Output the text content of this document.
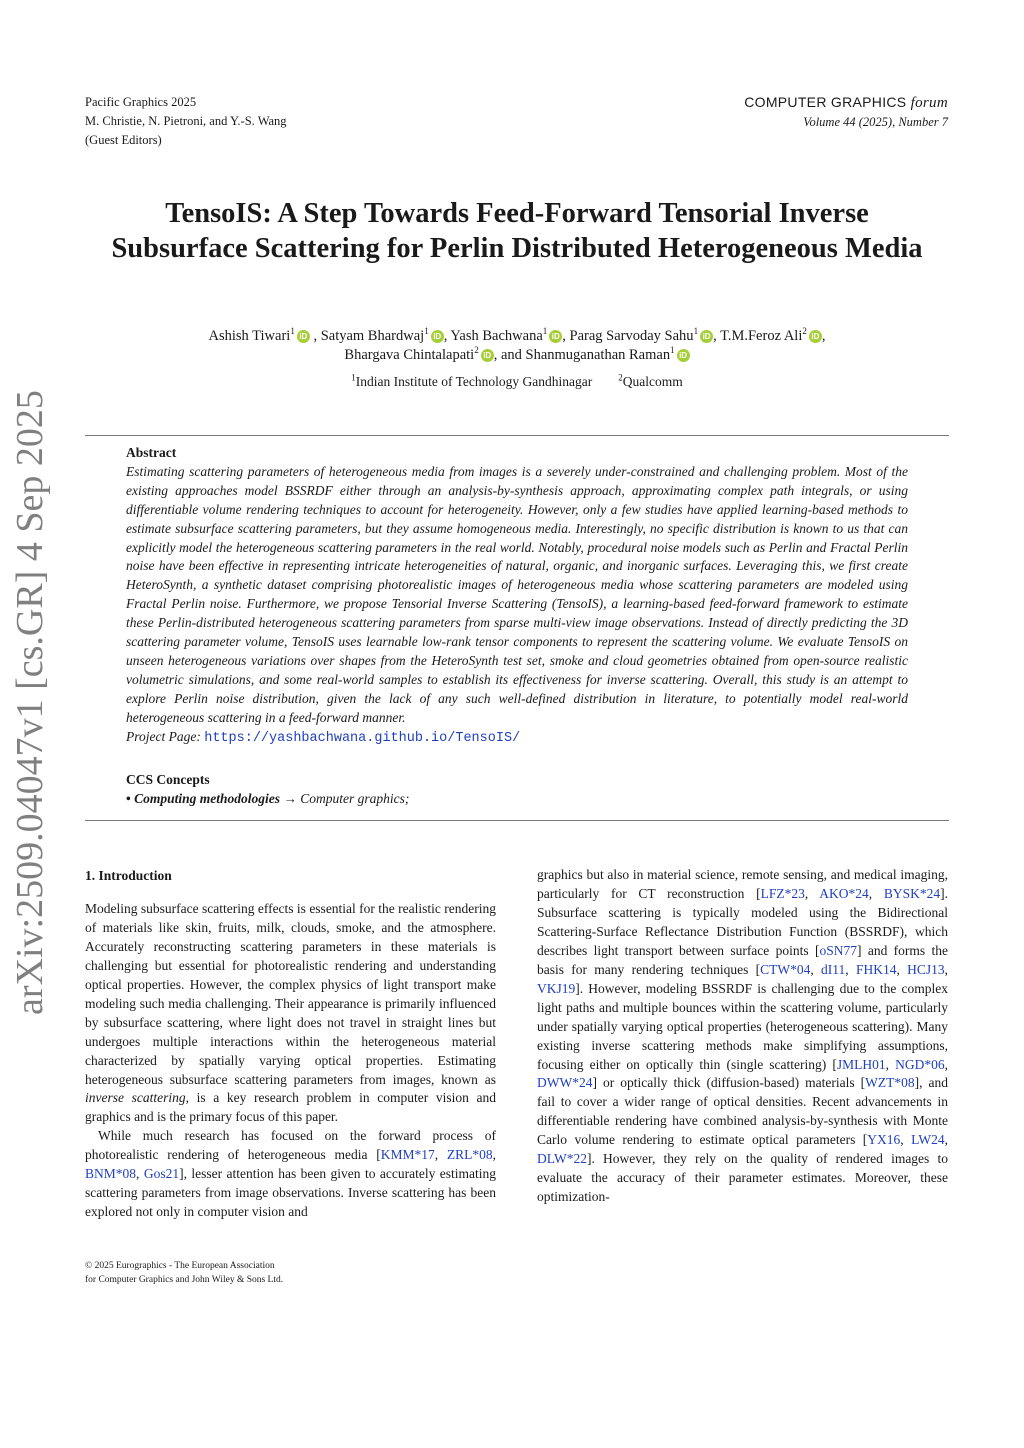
Pacific Graphics 2025
M. Christie, N. Pietroni, and Y.-S. Wang
(Guest Editors)
COMPUTER GRAPHICS forum
Volume 44 (2025), Number 7
TensoIS: A Step Towards Feed-Forward Tensorial Inverse
Subsurface Scattering for Perlin Distributed Heterogeneous Media
Ashish Tiwari$^1$iD , Satyam Bhardwaj$^1$iD , Yash Bachwana$^1$iD , Parag Sarvoday Sahu$^1$iD , T.M.Feroz Ali$^2$iD ,
Bhargava Chintalapati$^2$iD , and Shanmuganathan Raman$^1$iD
$^1$Indian Institute of Technology Gandhinagar	$^2$Qualcomm
arXiv:2509.04047v1 [cs.GR] 4 Sep 2025	Abstract

Estimating scattering parameters of heterogeneous media from images is a severely under-constrained and challenging problem. Most of the existing approaches model BSSRDF either through an analysis-by-synthesis approach, approximating complex path integrals, or using differentiable volume rendering techniques to account for heterogeneity. However, only a few studies have applied learning-based methods to estimate subsurface scattering parameters, but they assume homogeneous media. Interestingly, no specific distribution is known to us that can explicitly model the heterogeneous scattering parameters in the real world. Notably, procedural noise models such as Perlin and Fractal Perlin noise have been effective in representing intricate heterogeneities of natural, organic, and inorganic surfaces. Leveraging this, we first create HeteroSynth, a synthetic dataset comprising photorealistic images of heterogeneous media whose scattering parameters are modeled using Fractal Perlin noise. Furthermore, we propose Tensorial Inverse Scattering (TensoIS), a learning-based feed-forward framework to estimate these Perlin-distributed heterogeneous scattering parameters from sparse multi-view image observations. Instead of directly predicting the 3D scattering parameter volume, TensoIS uses learnable low-rank tensor components to represent the scattering volume. We evaluate TensoIS on unseen heterogeneous variations over shapes from the HeteroSynth test set, smoke and cloud geometries obtained from open-source realistic volumetric simulations, and some real-world samples to establish its effectiveness for inverse scattering. Overall, this study is an attempt to explore Perlin noise distribution, given the lack of any such well-defined distribution in literature, to potentially model real-world heterogeneous scattering in a feed-forward manner.

Project Page: https://yashbachwana.github.io/TensoIS/
CCS Concepts
• Computing methodologies → Computer graphics;
1. Introduction

Modeling subsurface scattering effects is essential for the realistic rendering of materials like skin, fruits, milk, clouds, smoke, and the atmosphere. Accurately reconstructing scattering parameters in these materials is challenging but essential for photorealistic rendering and understanding optical properties. However, the complex physics of light transport make modeling such media challenging. Their appearance is primarily influenced by subsurface scattering, where light does not travel in straight lines but undergoes multiple interactions within the heterogeneous material characterized by spatially varying optical properties. Estimating heterogeneous subsurface scattering parameters from images, known as inverse scattering, is a key research problem in computer vision and graphics and is the primary focus of this paper.

While much research has focused on the forward process of photorealistic rendering of heterogeneous media [KMM*17, ZRL*08, BNM*08, Gos21], lesser attention has been given to accurately estimating scattering parameters from image observations. Inverse scattering has been explored not only in computer vision and

graphics but also in material science, remote sensing, and medical imaging, particularly for CT reconstruction [LFZ*23, AKO*24, BYSK*24]. Subsurface scattering is typically modeled using the Bidirectional Scattering-Surface Reflectance Distribution Function (BSSRDF), which describes light transport between surface points [oSN77] and forms the basis for many rendering techniques [CTW*04, dI11, FHK14, HCJ13, VKJ19]. However, modeling BSSRDF is challenging due to the complex light paths and multiple bounces within the scattering volume, particularly under spatially varying optical properties (heterogeneous scattering). Many existing inverse scattering methods make simplifying assumptions, focusing either on optically thin (single scattering) [JMLH01, NGD*06, DWW*24] or optically thick (diffusion-based) materials [WZT*08], and fail to cover a wider range of optical densities. Recent advancements in differentiable rendering have combined analysis-by-synthesis with Monte Carlo volume rendering to estimate optical parameters [YX16, LW24, DLW*22]. However, they rely on the quality of rendered images to evaluate the accuracy of their parameter estimates. Moreover, these optimization-

© 2025 Eurographics - The European Association
for Computer Graphics and John Wiley & Sons Ltd.
